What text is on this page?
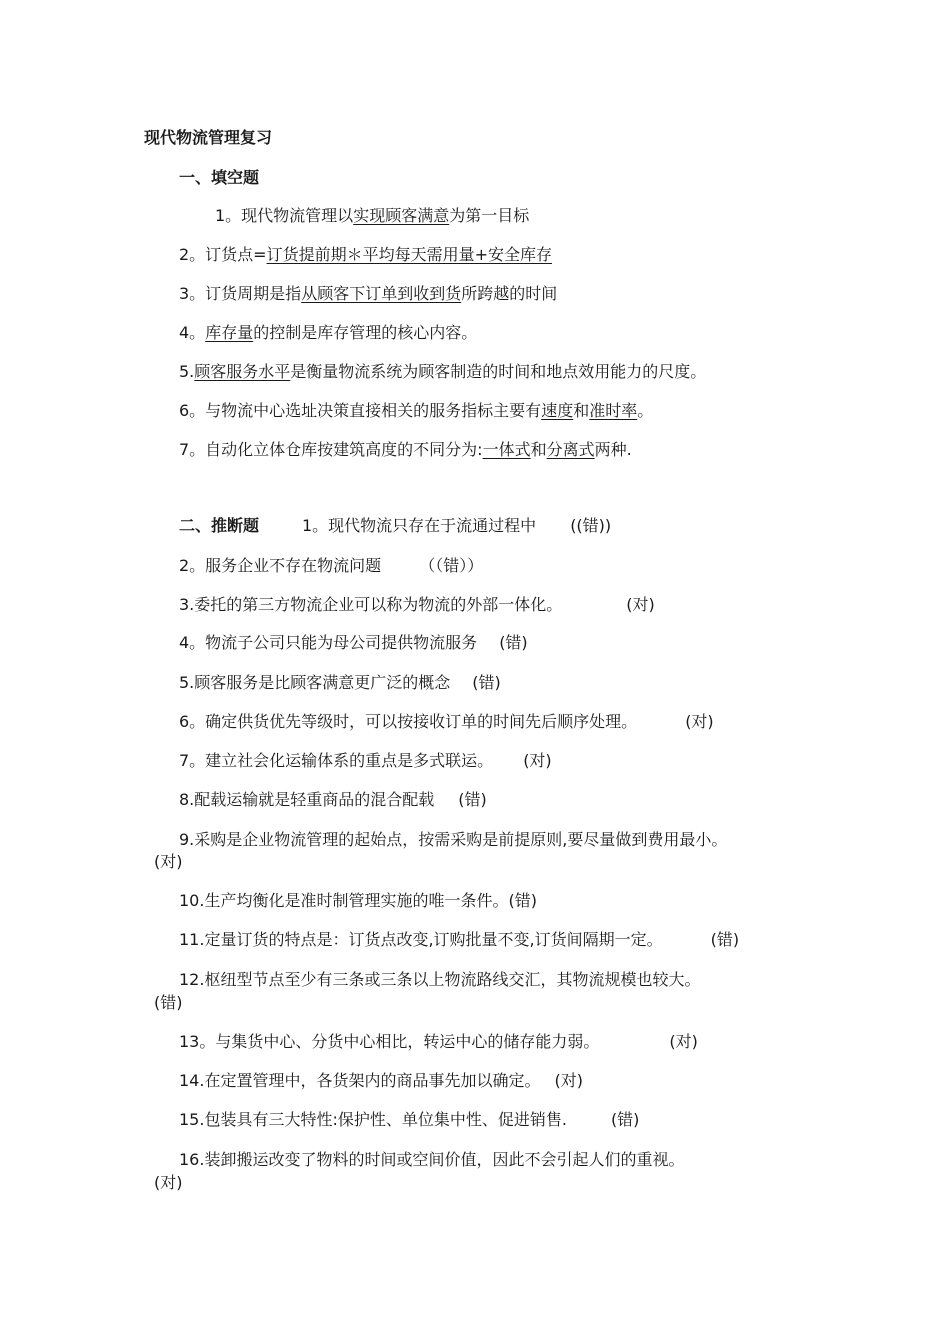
现代物流管理复习
一、填空题
1。现代物流管理以实现顾客满意为第一目标
2。订货点=订货提前期＊平均每天需用量+安全库存
3。订货周期是指从顾客下订单到收到货所跨越的时间
4。库存量的控制是库存管理的核心内容。
5.顾客服务水平是衡量物流系统为顾客制造的时间和地点效用能力的尺度。
6。与物流中心选址决策直接相关的服务指标主要有速度和准时率。
7。自动化立体仓库按建筑高度的不同分为:一体式和分离式两种.
二、推断题	1。现代物流只存在于流通过程中 ((错))
2。服务企业不存在物流问题 （（错））
3.委托的第三方物流企业可以称为物流的外部一体化。	(对)
4。物流子公司只能为母公司提供物流服务 (错)
5.顾客服务是比顾客满意更广泛的概念 (错)
6。确定供货优先等级时，可以按接收订单的时间先后顺序处理。	(对)
7。建立社会化运输体系的重点是多式联运。 (对)
8.配载运输就是轻重商品的混合配载 (错)
9.采购是企业物流管理的起始点，按需采购是前提原则,要尽量做到费用最小。
(对)
10.生产均衡化是准时制管理实施的唯一条件。(错)
11.定量订货的特点是：订货点改变,订购批量不变,订货间隔期一定。	(错)
12.枢纽型节点至少有三条或三条以上物流路线交汇，其物流规模也较大。
(错)
13。与集货中心、分货中心相比，转运中心的储存能力弱。	(对)
14.在定置管理中，各货架内的商品事先加以确定。 (对)
15.包装具有三大特性:保护性、单位集中性、促进销售.	(错)
16.装卸搬运改变了物料的时间或空间价值，因此不会引起人们的重视。
(对)
